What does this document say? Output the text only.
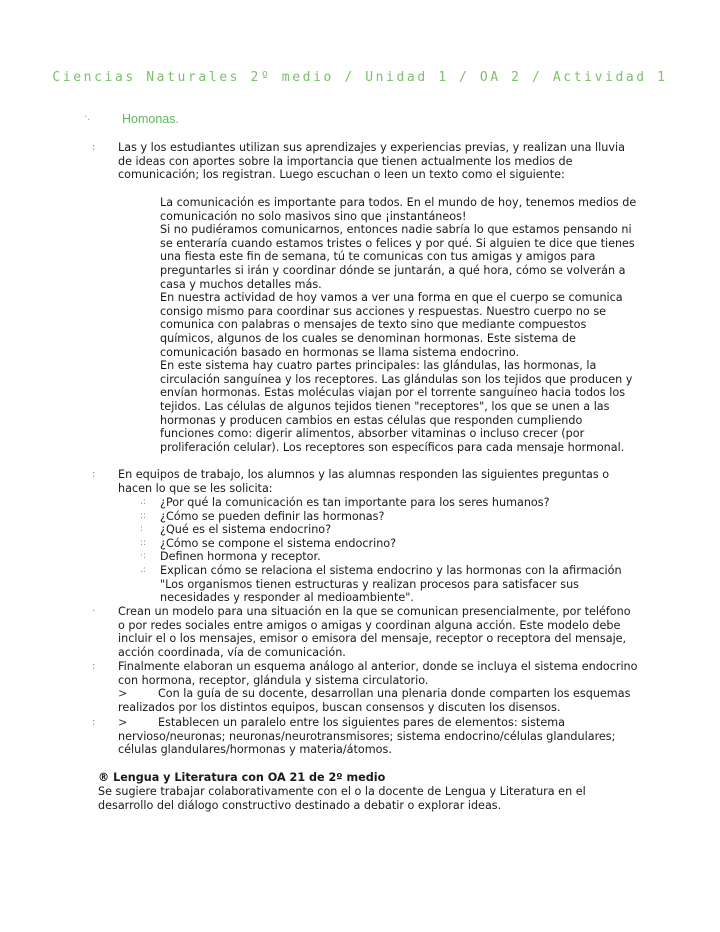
Ciencias Naturales 2º medio / Unidad 1 / OA 2 / Actividad 1
·.	Homonas.
: Las y los estudiantes utilizan sus aprendizajes y experiencias previas, y realizan una lluvia de ideas con aportes sobre la importancia que tienen actualmente los medios de comunicación; los registran. Luego escuchan o leen un texto como el siguiente:

La comunicación es importante para todos. En el mundo de hoy, tenemos medios de comunicación no solo masivos sino que ¡instantáneos!

Si no pudiéramos comunicarnos, entonces nadie sabría lo que estamos pensando ni se enteraría cuando estamos tristes o felices y por qué. Si alguien te dice que tienes una fiesta este fin de semana, tú te comunicas con tus amigas y amigos para preguntarles si irán y coordinar dónde se juntarán, a qué hora, cómo se volverán a casa y muchos detalles más.

En nuestra actividad de hoy vamos a ver una forma en que el cuerpo se comunica consigo mismo para coordinar sus acciones y respuestas. Nuestro cuerpo no se comunica con palabras o mensajes de texto sino que mediante compuestos químicos, algunos de los cuales se denominan hormonas. Este sistema de comunicación basado en hormonas se llama sistema endocrino.

En este sistema hay cuatro partes principales: las glándulas, las hormonas, la circulación sanguínea y los receptores. Las glándulas son los tejidos que producen y envían hormonas. Estas moléculas viajan por el torrente sanguíneo hacia todos los tejidos. Las células de algunos tejidos tienen "receptores", los que se unen a las hormonas y producen cambios en estas células que responden cumpliendo funciones como: digerir alimentos, absorber vitaminas o incluso crecer (por proliferación celular). Los receptores son específicos para cada mensaje hormonal.

: En equipos de trabajo, los alumnos y las alumnas responden las siguientes preguntas o hacen lo que se les solicita:
.: ¿Por qué la comunicación es tan importante para los seres humanos?
:: ¿Cómo se pueden definir las hormonas?
: ¿Qué es el sistema endocrino?
:: ¿Cómo se compone el sistema endocrino?
·: Definen hormona y receptor.
.: Explican cómo se relaciona el sistema endocrino y las hormonas con la afirmación "Los organismos tienen estructuras y realizan procesos para satisfacer sus necesidades y responder al medioambiente".
· Crean un modelo para una situación en la que se comunican presencialmente, por teléfono o por redes sociales entre amigos o amigas y coordinan alguna acción. Este modelo debe incluir el o los mensajes, emisor o emisora del mensaje, receptor o receptora del mensaje, acción coordinada, vía de comunicación.
: Finalmente elaboran un esquema análogo al anterior, donde se incluya el sistema endocrino con hormona, receptor, glándula y sistema circulatorio.
>	Con la guía de su docente, desarrollan una plenaria donde comparten los esquemas realizados por los distintos equipos, buscan consensos y discuten los disensos.
: >	Establecen un paralelo entre los siguientes pares de elementos: sistema nervioso/neuronas; neuronas/neurotransmisores; sistema endocrino/células glandulares; células glandulares/hormonas y materia/átomos.
® Lengua y Literatura con OA 21 de 2º medio
Se sugiere trabajar colaborativamente con el o la docente de Lengua y Literatura en el desarrollo del diálogo constructivo destinado a debatir o explorar ideas.
